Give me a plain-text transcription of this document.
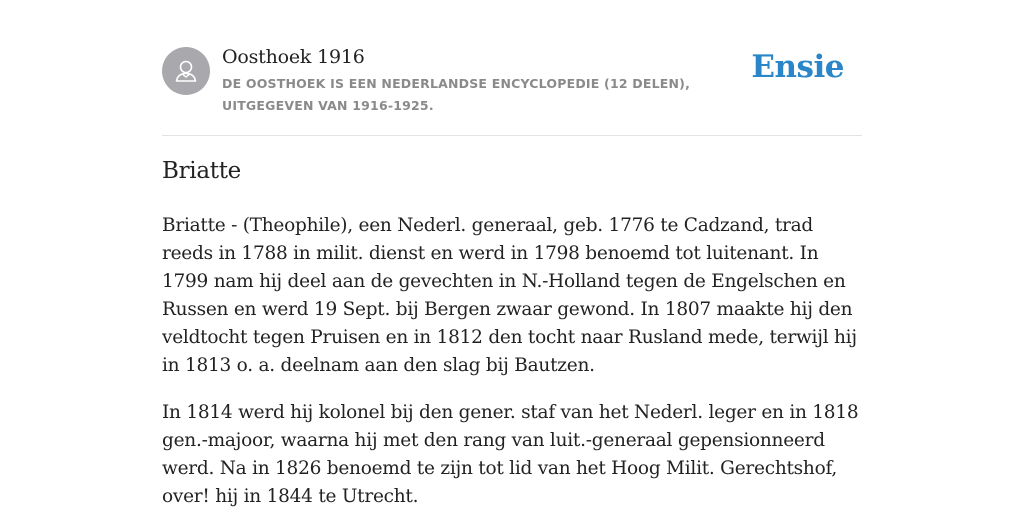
Oosthoek 1916
DE OOSTHOEK IS EEN NEDERLANDSE ENCYCLOPEDIE (12 DELEN), UITGEGEVEN VAN 1916-1925.
Ensie
Briatte

Briatte - (Theophile), een Nederl. generaal, geb. 1776 te Cadzand, trad reeds in 1788 in milit. dienst en werd in 1798 benoemd tot luitenant. In 1799 nam hij deel aan de gevechten in N.-Holland tegen de Engelschen en Russen en werd 19 Sept. bij Bergen zwaar gewond. In 1807 maakte hij den veldtocht tegen Pruisen en in 1812 den tocht naar Rusland mede, terwijl hij in 1813 o. a. deelnam aan den slag bij Bautzen.

In 1814 werd hij kolonel bij den gener. staf van het Nederl. leger en in 1818 gen.-majoor, waarna hij met den rang van luit.-generaal gepensionneerd werd. Na in 1826 benoemd te zijn tot lid van het Hoog Milit. Gerechtshof, over! hij in 1844 te Utrecht.
